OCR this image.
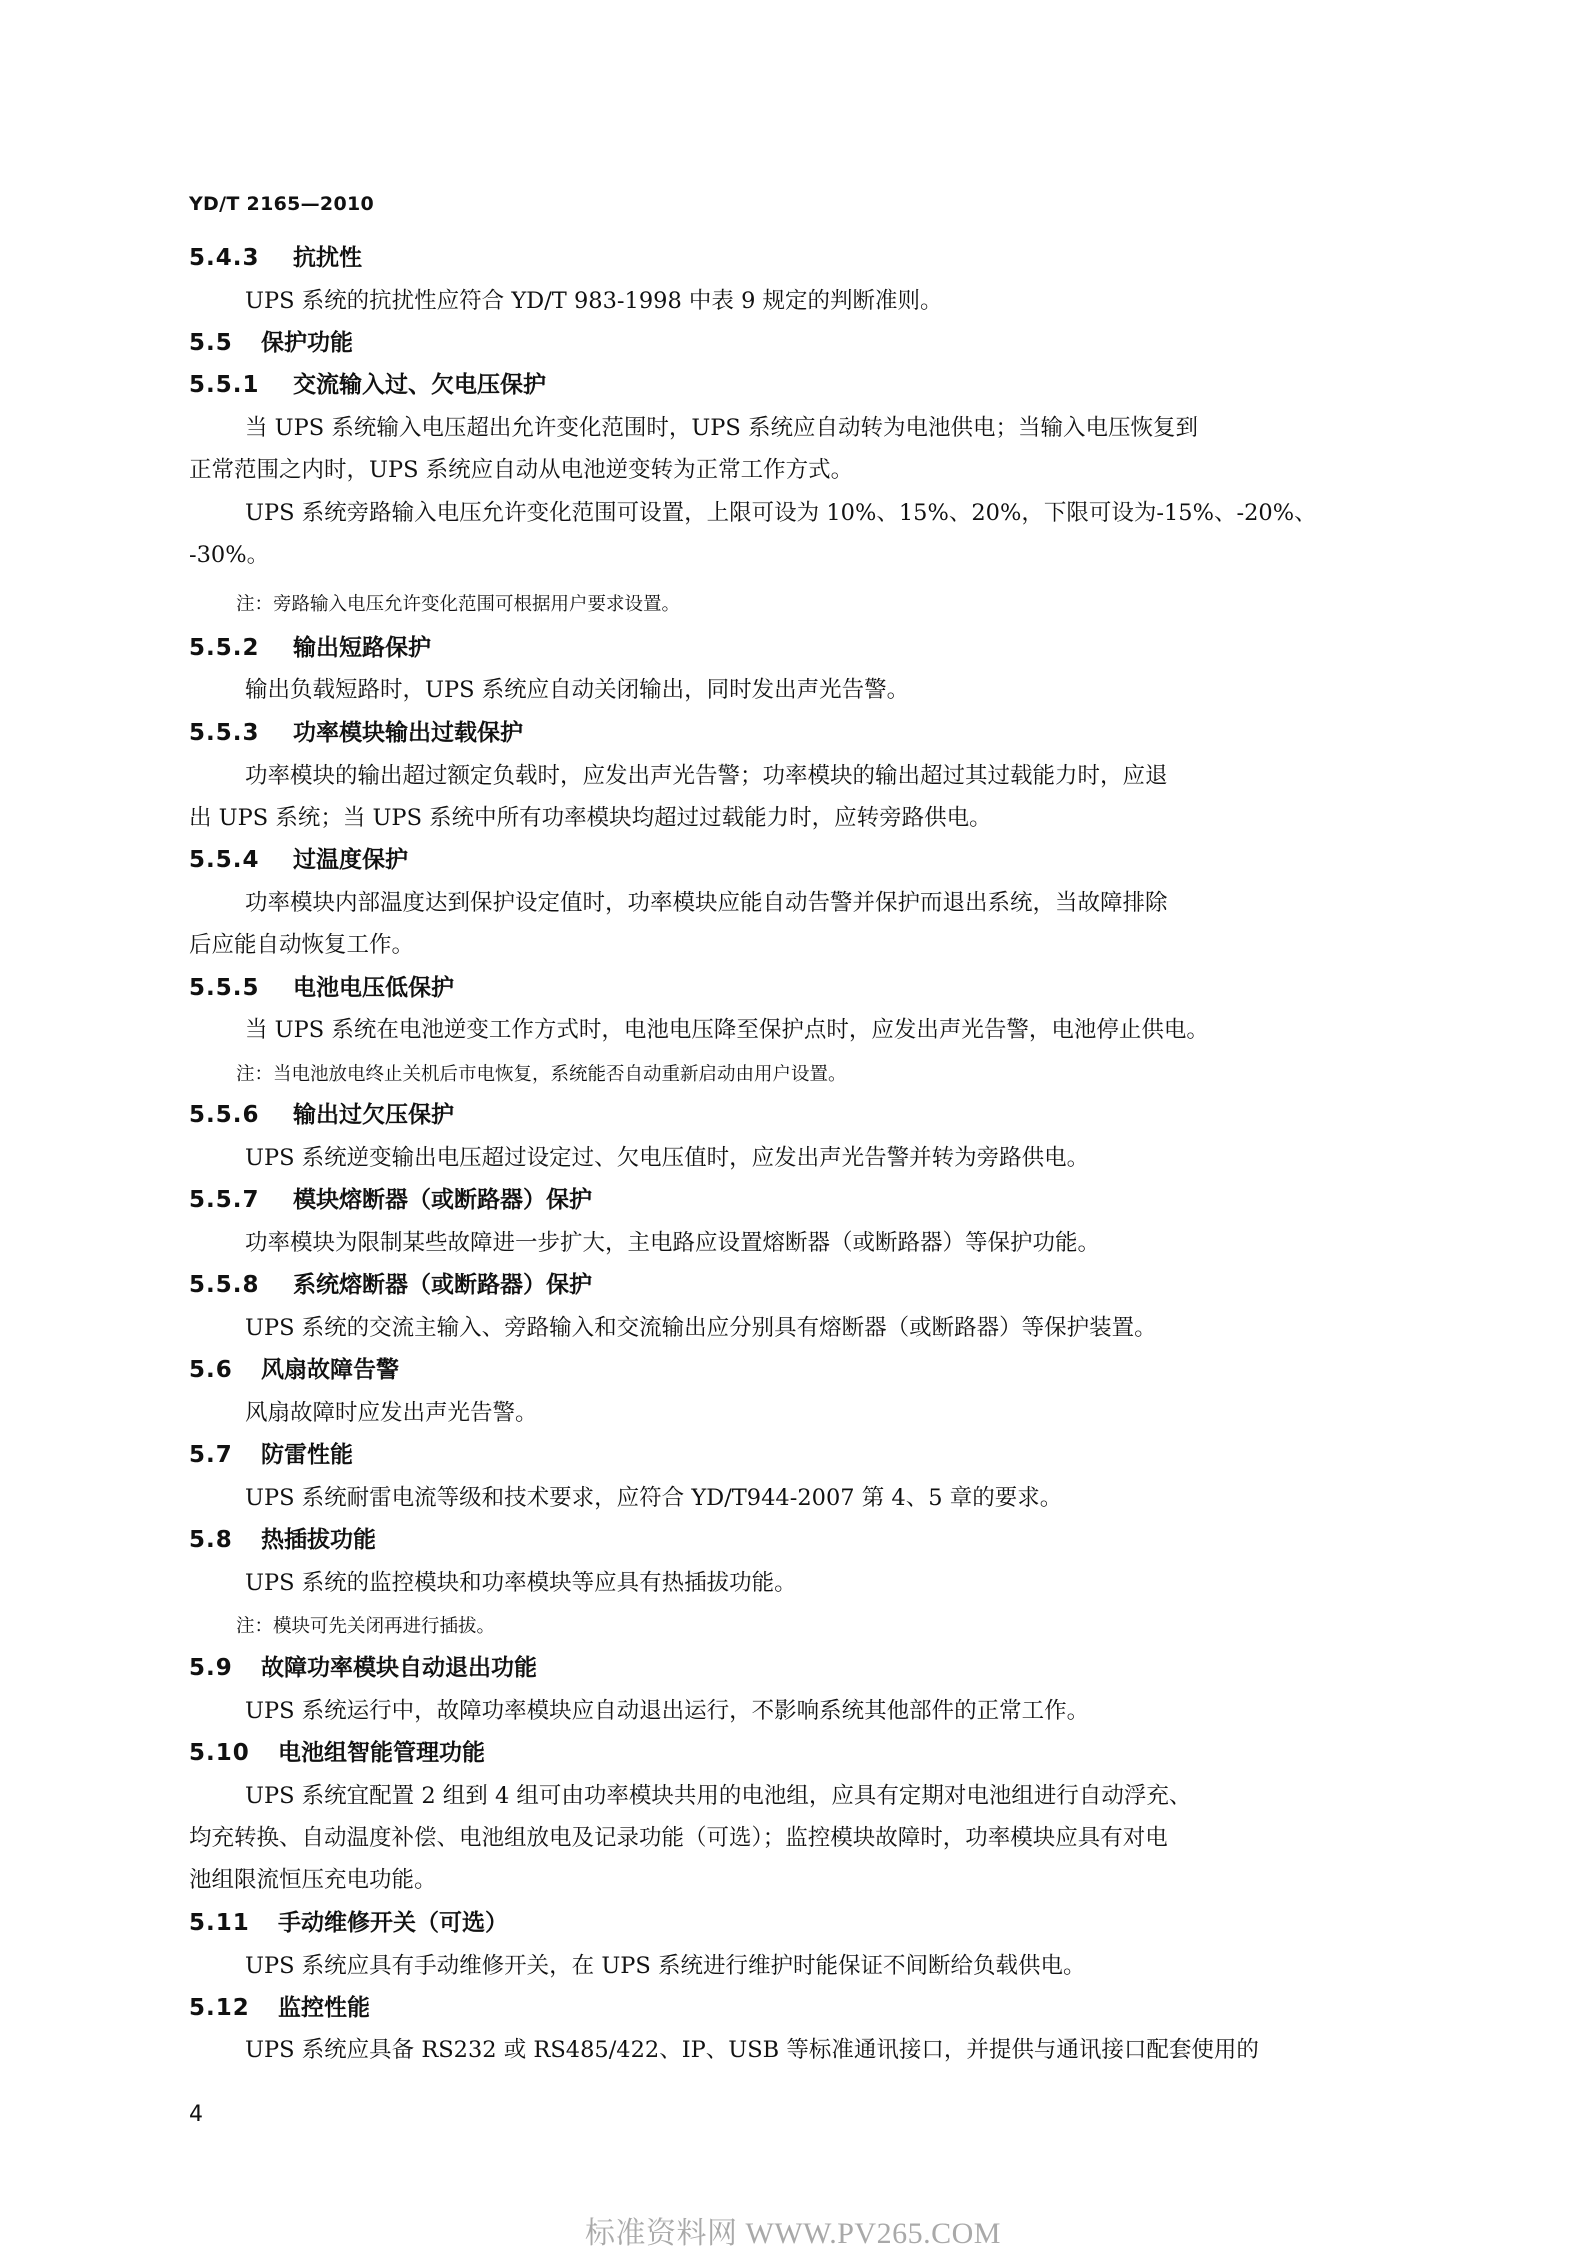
YD/T 2165—2010
5.4.3 抗扰性
UPS 系统的抗扰性应符合 YD/T 983-1998 中表 9 规定的判断准则。
5.5 保护功能
5.5.1 交流输入过、欠电压保护
当 UPS 系统输入电压超出允许变化范围时，UPS 系统应自动转为电池供电；当输入电压恢复到
正常范围之内时，UPS 系统应自动从电池逆变转为正常工作方式。
UPS 系统旁路输入电压允许变化范围可设置，上限可设为 10%、15%、20%，下限可设为-15%、-20%、
-30%。
注：旁路输入电压允许变化范围可根据用户要求设置。
5.5.2 输出短路保护
输出负载短路时，UPS 系统应自动关闭输出，同时发出声光告警。
5.5.3 功率模块输出过载保护
功率模块的输出超过额定负载时，应发出声光告警；功率模块的输出超过其过载能力时，应退
出 UPS 系统；当 UPS 系统中所有功率模块均超过过载能力时，应转旁路供电。
5.5.4 过温度保护
功率模块内部温度达到保护设定值时，功率模块应能自动告警并保护而退出系统，当故障排除
后应能自动恢复工作。
5.5.5 电池电压低保护
当 UPS 系统在电池逆变工作方式时，电池电压降至保护点时，应发出声光告警，电池停止供电。
注：当电池放电终止关机后市电恢复，系统能否自动重新启动由用户设置。
5.5.6 输出过欠压保护
UPS 系统逆变输出电压超过设定过、欠电压值时，应发出声光告警并转为旁路供电。
5.5.7 模块熔断器（或断路器）保护
功率模块为限制某些故障进一步扩大，主电路应设置熔断器（或断路器）等保护功能。
5.5.8 系统熔断器（或断路器）保护
UPS 系统的交流主输入、旁路输入和交流输出应分别具有熔断器（或断路器）等保护装置。
5.6 风扇故障告警
风扇故障时应发出声光告警。
5.7 防雷性能
UPS 系统耐雷电流等级和技术要求，应符合 YD/T944-2007 第 4、5 章的要求。
5.8 热插拔功能
UPS 系统的监控模块和功率模块等应具有热插拔功能。
注：模块可先关闭再进行插拔。
5.9 故障功率模块自动退出功能
UPS 系统运行中，故障功率模块应自动退出运行，不影响系统其他部件的正常工作。
5.10 电池组智能管理功能
UPS 系统宜配置 2 组到 4 组可由功率模块共用的电池组，应具有定期对电池组进行自动浮充、
均充转换、自动温度补偿、电池组放电及记录功能（可选）；监控模块故障时，功率模块应具有对电
池组限流恒压充电功能。
5.11 手动维修开关（可选）
UPS 系统应具有手动维修开关，在 UPS 系统进行维护时能保证不间断给负载供电。
5.12 监控性能
UPS 系统应具备 RS232 或 RS485/422、IP、USB 等标准通讯接口，并提供与通讯接口配套使用的
4
标准资料网 WWW.PV265.COM
